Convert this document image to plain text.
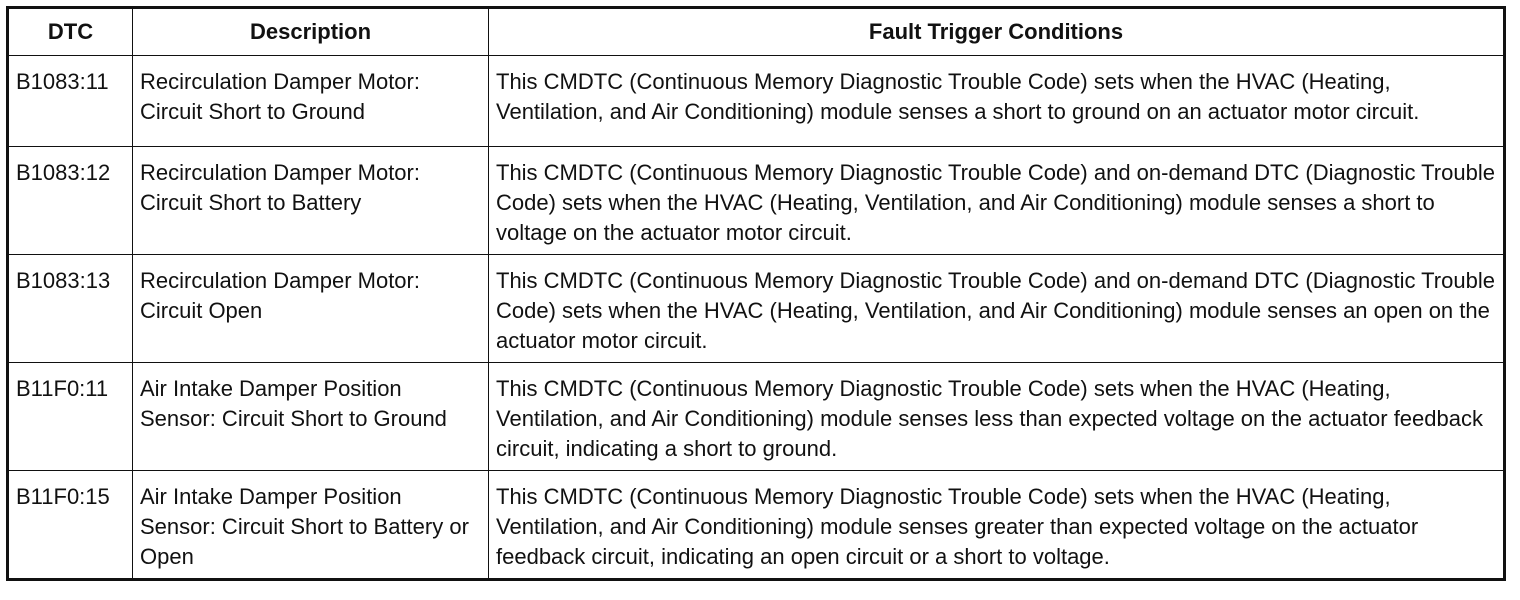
DTC	Description	Fault Trigger Conditions
B1083:11	Recirculation Damper Motor: Circuit Short to Ground	This CMDTC (Continuous Memory Diagnostic Trouble Code) sets when the HVAC (Heating, Ventilation, and Air Conditioning) module senses a short to ground on an actuator motor circuit.
B1083:12	Recirculation Damper Motor: Circuit Short to Battery	This CMDTC (Continuous Memory Diagnostic Trouble Code) and on-demand DTC (Diagnostic Trouble Code) sets when the HVAC (Heating, Ventilation, and Air Conditioning) module senses a short to voltage on the actuator motor circuit.
B1083:13	Recirculation Damper Motor: Circuit Open	This CMDTC (Continuous Memory Diagnostic Trouble Code) and on-demand DTC (Diagnostic Trouble Code) sets when the HVAC (Heating, Ventilation, and Air Conditioning) module senses an open on the actuator motor circuit.
B11F0:11	Air Intake Damper Position Sensor: Circuit Short to Ground	This CMDTC (Continuous Memory Diagnostic Trouble Code) sets when the HVAC (Heating, Ventilation, and Air Conditioning) module senses less than expected voltage on the actuator feedback circuit, indicating a short to ground.
B11F0:15	Air Intake Damper Position Sensor: Circuit Short to Battery or Open	This CMDTC (Continuous Memory Diagnostic Trouble Code) sets when the HVAC (Heating, Ventilation, and Air Conditioning) module senses greater than expected voltage on the actuator feedback circuit, indicating an open circuit or a short to voltage.
